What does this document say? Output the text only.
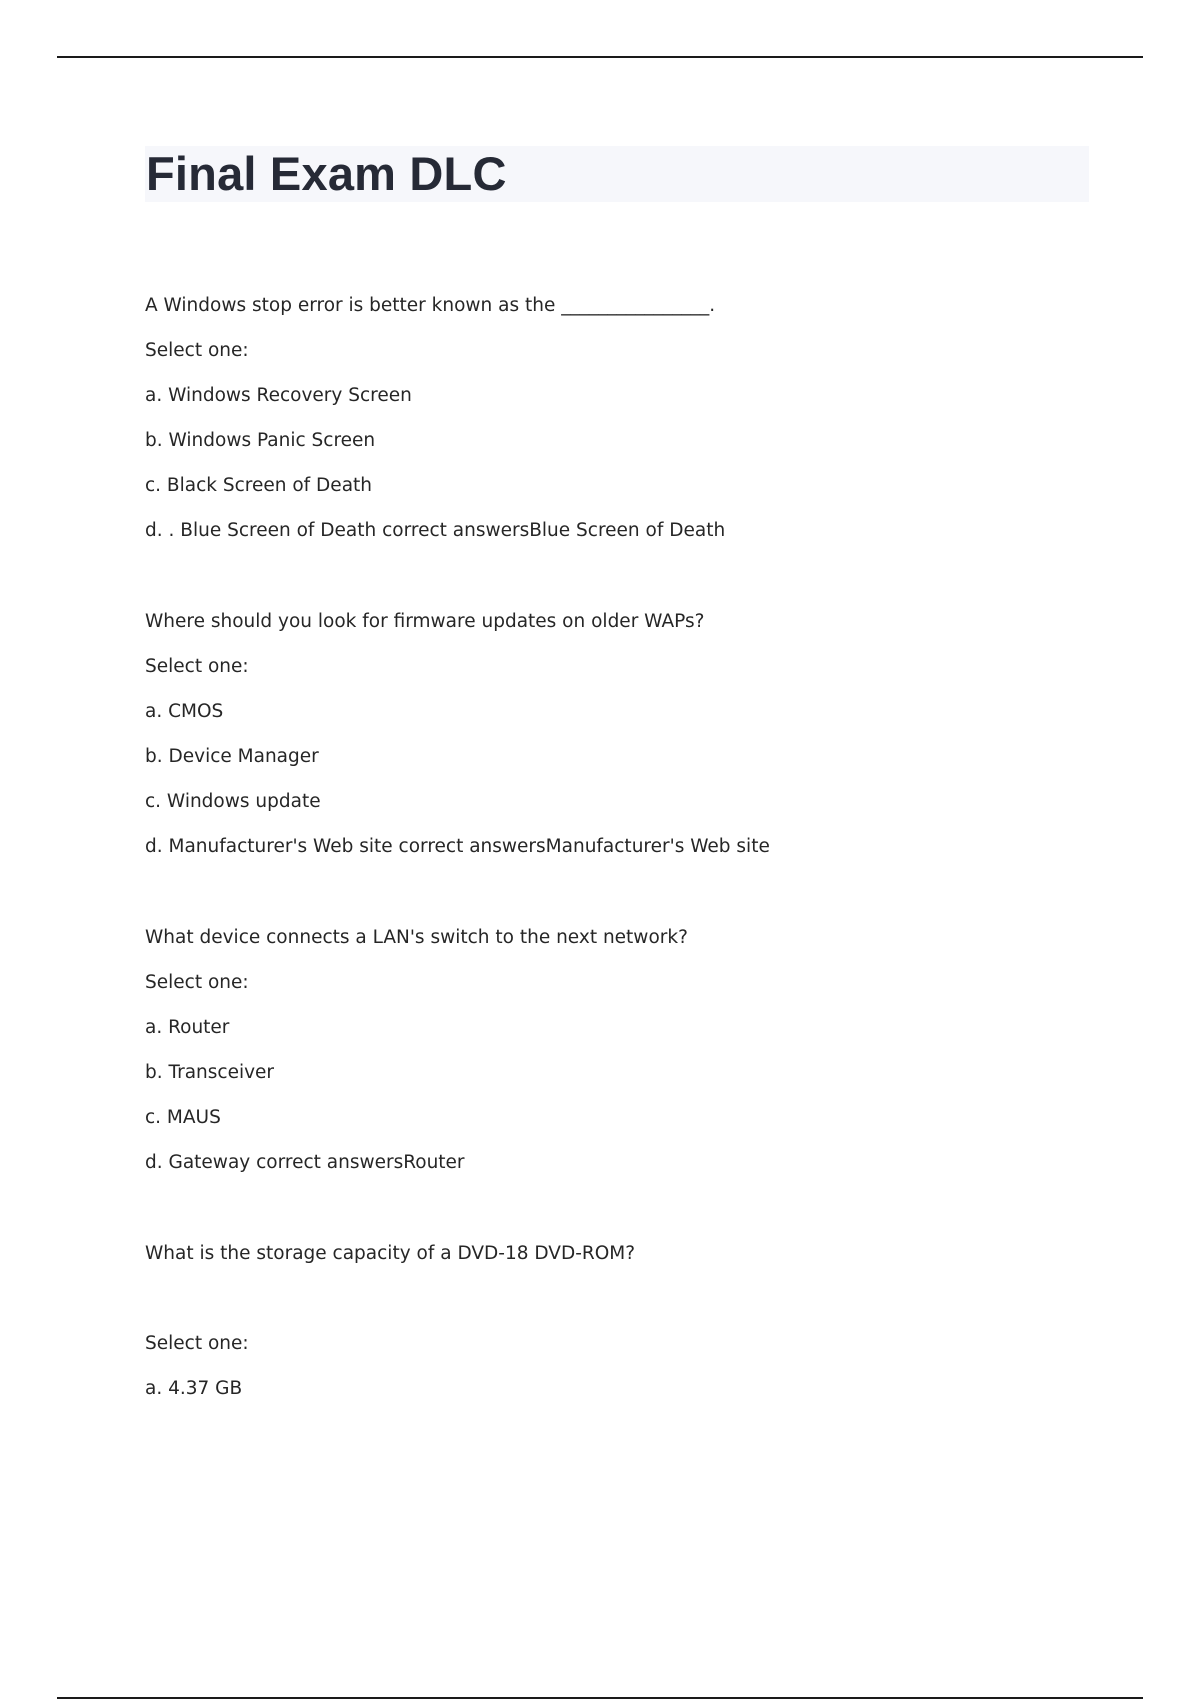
Final Exam DLC

A Windows stop error is better known as the ________________.

Select one:

a. Windows Recovery Screen

b. Windows Panic Screen

c. Black Screen of Death

d. . Blue Screen of Death correct answersBlue Screen of Death

Where should you look for firmware updates on older WAPs?

Select one:

a. CMOS

b. Device Manager

c. Windows update

d. Manufacturer's Web site correct answersManufacturer's Web site

What device connects a LAN's switch to the next network?

Select one:

a. Router

b. Transceiver

c. MAUS

d. Gateway correct answersRouter

What is the storage capacity of a DVD-18 DVD-ROM?

Select one:

a. 4.37 GB
